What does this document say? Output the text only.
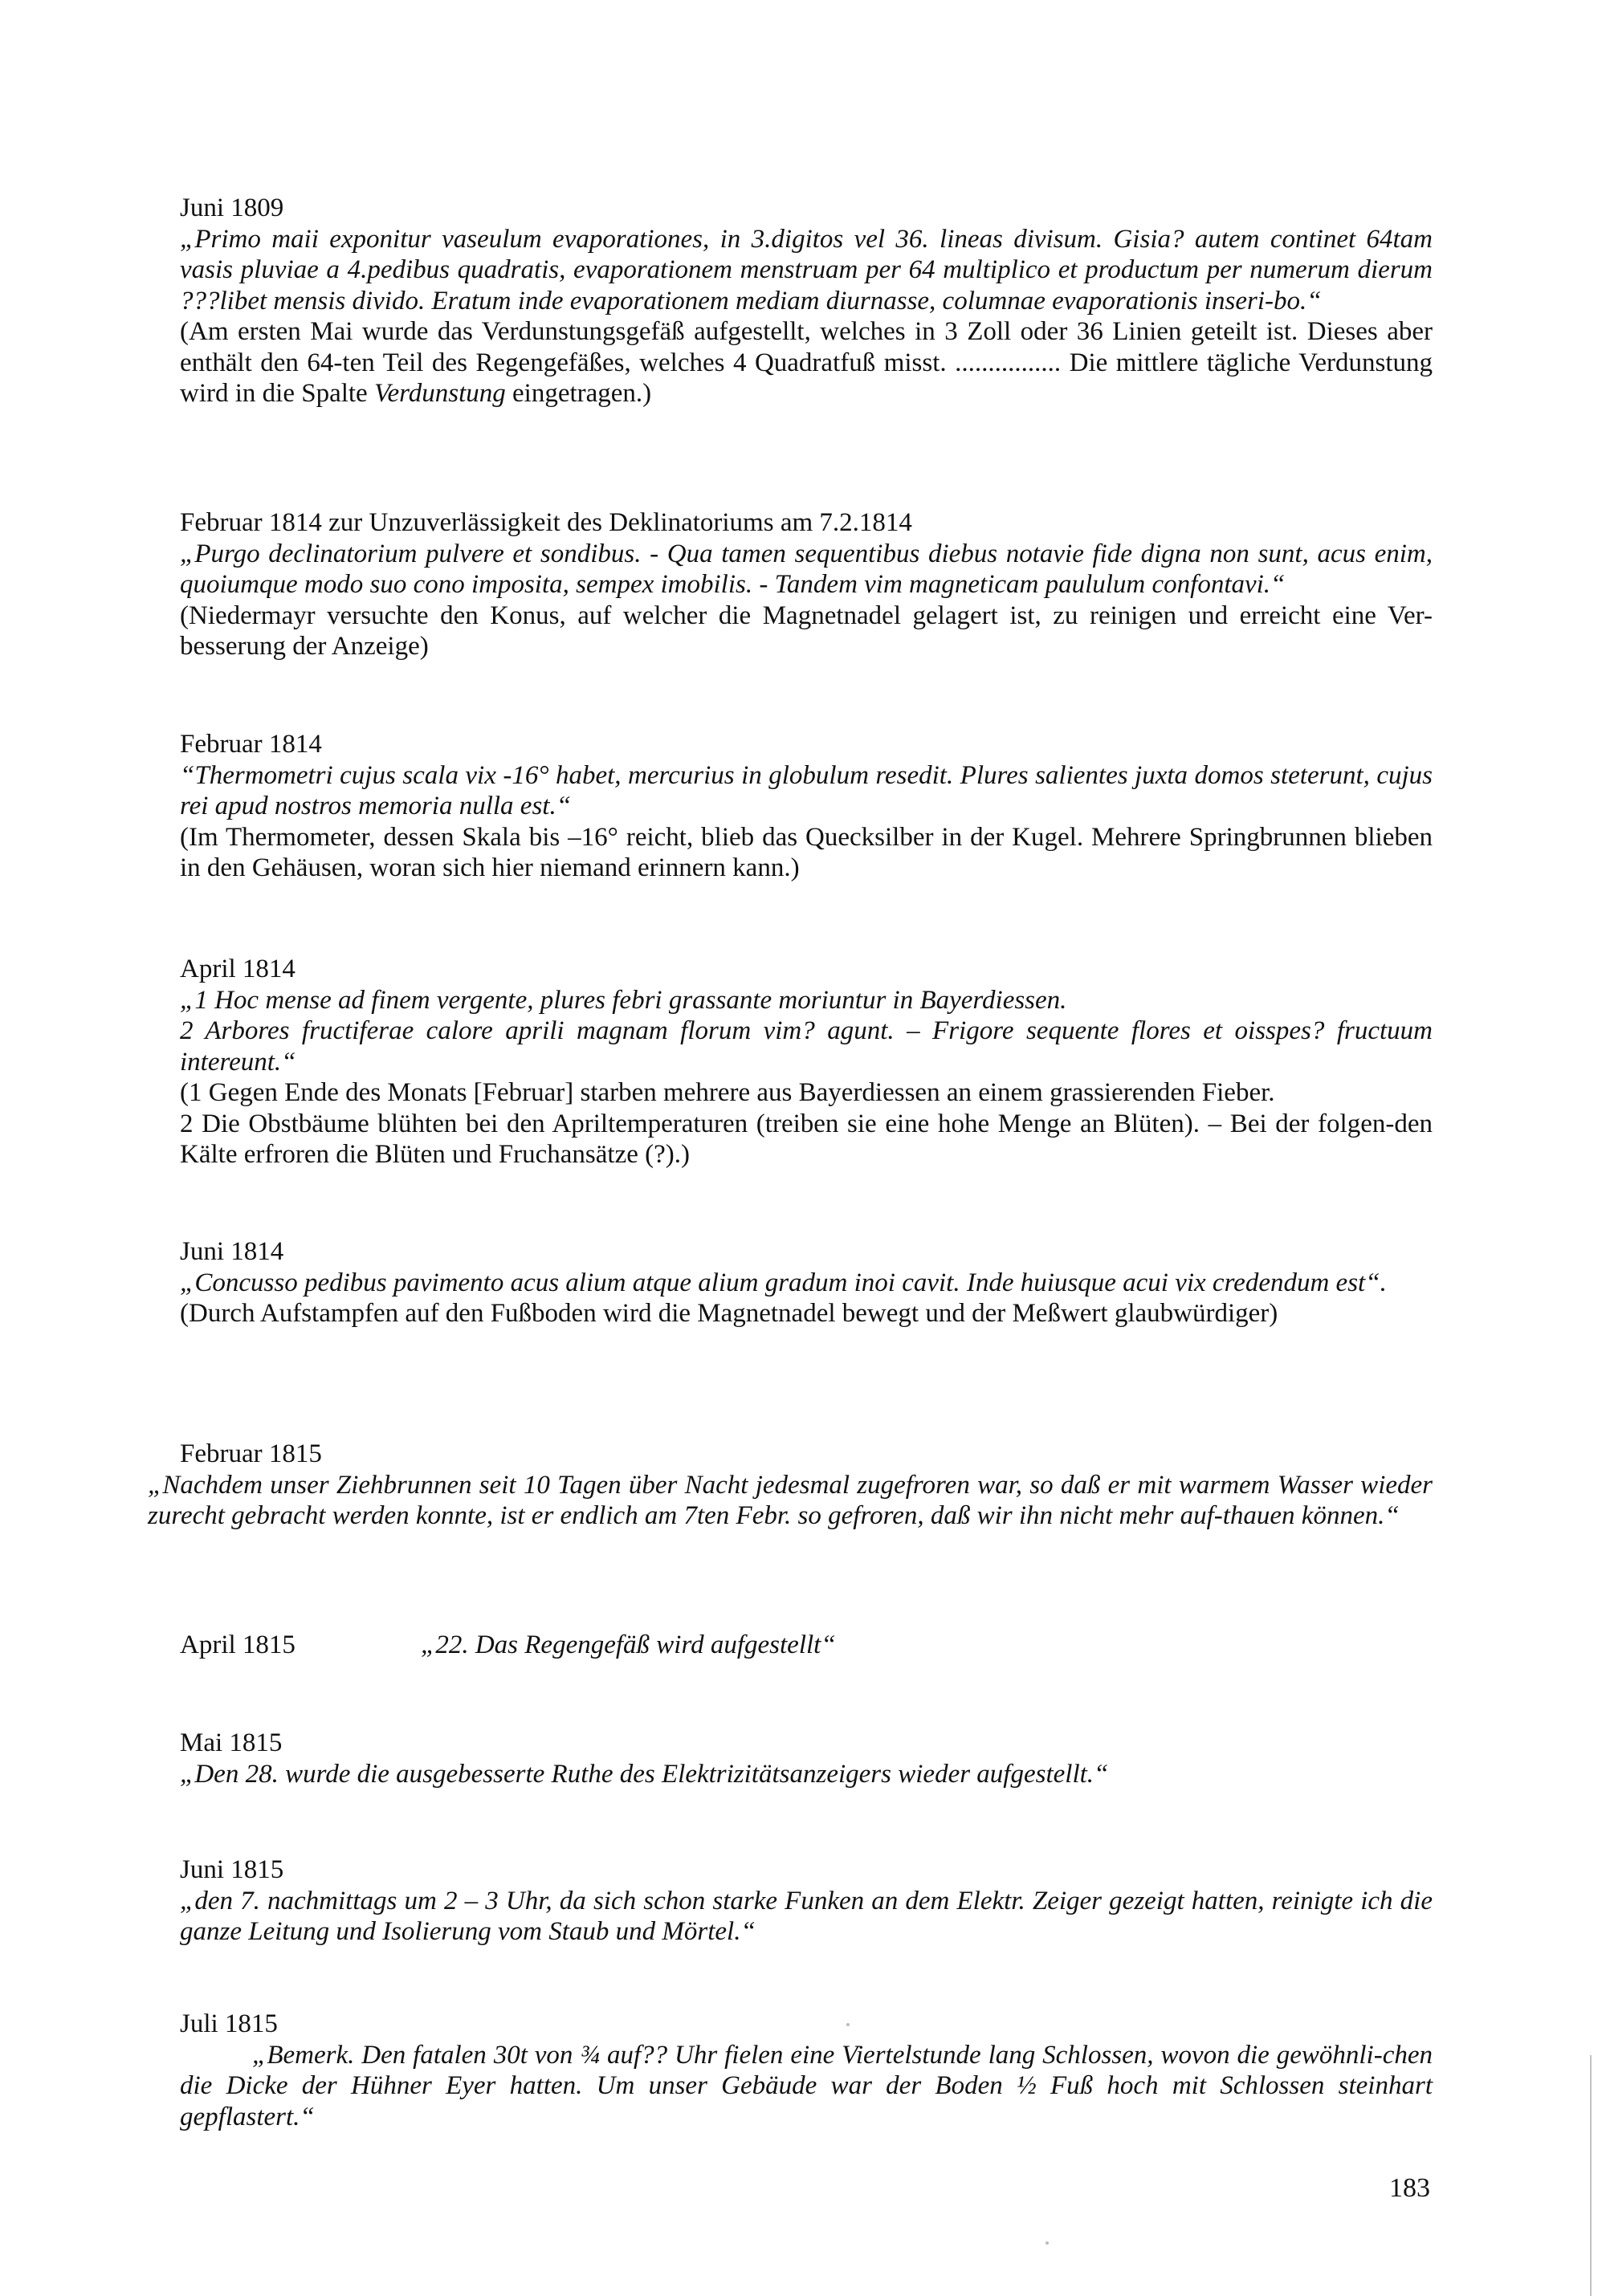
Juni 1809
„Primo maii exponitur vaseulum evaporationes, in 3.digitos vel 36. lineas divisum. Gisia? autem continet 64tam vasis pluviae a 4.pedibus quadratis, evaporationem menstruam per 64 multiplico et productum per numerum dierum ???libet mensis divido. Eratum inde evaporationem mediam diurnasse, columnae evaporationis inseri-bo.“
(Am ersten Mai wurde das Verdunstungsgefäß aufgestellt, welches in 3 Zoll oder 36 Linien geteilt ist. Dieses aber enthält den 64-ten Teil des Regengefäßes, welches 4 Quadratfuß misst. ................ Die mittlere tägliche Verdunstung wird in die Spalte Verdunstung eingetragen.)
Februar 1814 zur Unzuverlässigkeit des Deklinatoriums am 7.2.1814
„Purgo declinatorium pulvere et sondibus. - Qua tamen sequentibus diebus notavie fide digna non sunt, acus enim, quoiumque modo suo cono imposita, sempex imobilis. - Tandem vim magneticam paululum confontavi.“
(Niedermayr versuchte den Konus, auf welcher die Magnetnadel gelagert ist, zu reinigen und erreicht eine Ver-besserung der Anzeige)
Februar 1814
“Thermometri cujus scala vix -16° habet, mercurius in globulum resedit. Plures salientes juxta domos steterunt, cujus rei apud nostros memoria nulla est.“
(Im Thermometer, dessen Skala bis –16° reicht, blieb das Quecksilber in der Kugel. Mehrere Springbrunnen blieben in den Gehäusen, woran sich hier niemand erinnern kann.)
April 1814
„1 Hoc mense ad finem vergente, plures febri grassante moriuntur in Bayerdiessen.
2 Arbores fructiferae calore aprili magnam florum vim? agunt. – Frigore sequente flores et oisspes? fructuum intereunt.“
(1 Gegen Ende des Monats [Februar] starben mehrere aus Bayerdiessen an einem grassierenden Fieber.
2 Die Obstbäume blühten bei den Apriltemperaturen (treiben sie eine hohe Menge an Blüten). – Bei der folgen-den Kälte erfroren die Blüten und Fruchansätze (?).)
Juni 1814
„Concusso pedibus pavimento acus alium atque alium gradum inoi cavit. Inde huiusque acui vix credendum est“.
(Durch Aufstampfen auf den Fußboden wird die Magnetnadel bewegt und der Meßwert glaubwürdiger)
Februar 1815
„Nachdem unser Ziehbrunnen seit 10 Tagen über Nacht jedesmal zugefroren war, so daß er mit warmem Wasser wieder zurecht gebracht werden konnte, ist er endlich am 7ten Febr. so gefroren, daß wir ihn nicht mehr auf-thauen können.“
April 1815	„22. Das Regengefäß wird aufgestellt“
Mai 1815
„Den 28. wurde die ausgebesserte Ruthe des Elektrizitätsanzeigers wieder aufgestellt.“
Juni 1815
„den 7. nachmittags um 2 – 3 Uhr, da sich schon starke Funken an dem Elektr. Zeiger gezeigt hatten, reinigte ich die ganze Leitung und Isolierung vom Staub und Mörtel.“
Juli 1815
„Bemerk. Den fatalen 30t von ¾ auf?? Uhr fielen eine Viertelstunde lang Schlossen, wovon die gewöhnli-chen die Dicke der Hühner Eyer hatten. Um unser Gebäude war der Boden ½ Fuß hoch mit Schlossen steinhart gepflastert.“
183
